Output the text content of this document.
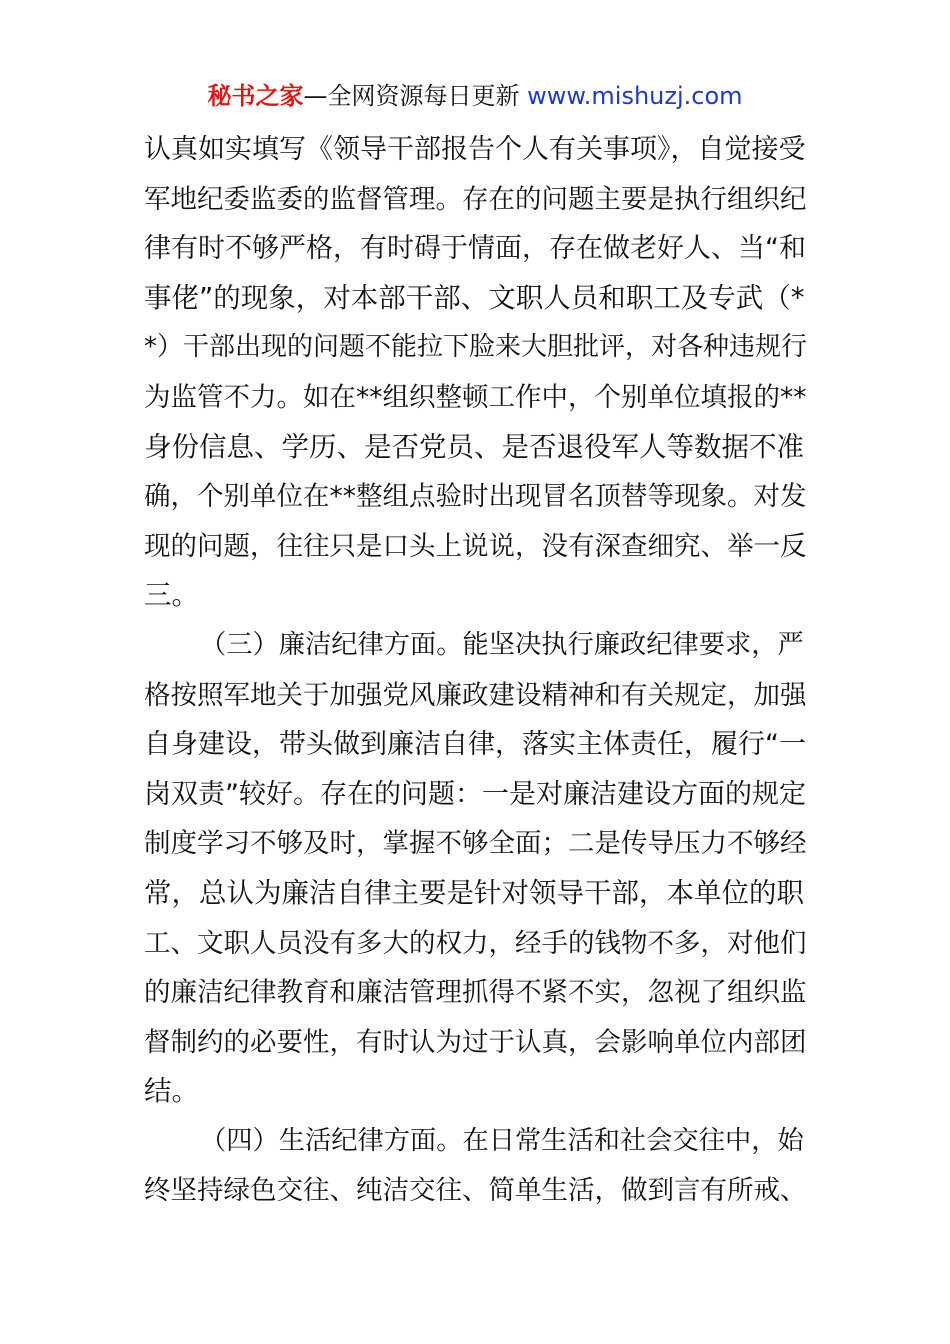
秘书之家—全网资源每日更新 www.mishuzj.com
认真如实填写《领导干部报告个人有关事项》，自觉接受
军地纪委监委的监督管理。存在的问题主要是执行组织纪
律有时不够严格，有时碍于情面，存在做老好人、当“和
事佬”的现象，对本部干部、文职人员和职工及专武（*
*）干部出现的问题不能拉下脸来大胆批评，对各种违规行
为监管不力。如在**组织整顿工作中，个别单位填报的**
身份信息、学历、是否党员、是否退役军人等数据不准
确，个别单位在**整组点验时出现冒名顶替等现象。对发
现的问题，往往只是口头上说说，没有深查细究、举一反
三。
（三）廉洁纪律方面。能坚决执行廉政纪律要求，严
格按照军地关于加强党风廉政建设精神和有关规定，加强
自身建设，带头做到廉洁自律，落实主体责任，履行“一
岗双责”较好。存在的问题：一是对廉洁建设方面的规定
制度学习不够及时，掌握不够全面；二是传导压力不够经
常，总认为廉洁自律主要是针对领导干部，本单位的职
工、文职人员没有多大的权力，经手的钱物不多，对他们
的廉洁纪律教育和廉洁管理抓得不紧不实，忽视了组织监
督制约的必要性，有时认为过于认真，会影响单位内部团
结。
（四）生活纪律方面。在日常生活和社会交往中，始
终坚持绿色交往、纯洁交往、简单生活，做到言有所戒、
